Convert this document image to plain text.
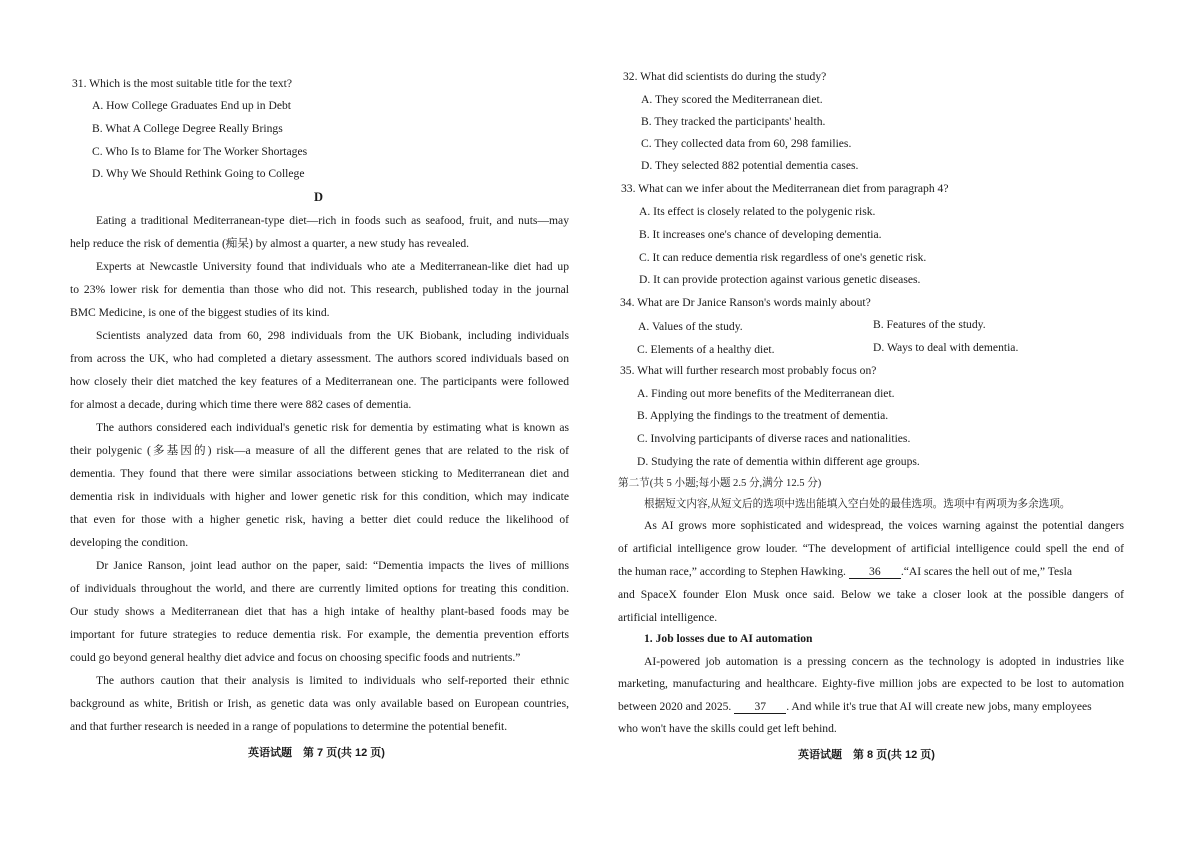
31. Which is the most suitable title for the text?
A. How College Graduates End up in Debt
B. What A College Degree Really Brings
C. Who Is to Blame for The Worker Shortages
D. Why We Should Rethink Going to College
D
Eating a traditional Mediterranean-type diet—rich in foods such as seafood, fruit, and nuts—may
help reduce the risk of dementia (痴呆) by almost a quarter, a new study has revealed.
Experts at Newcastle University found that individuals who ate a Mediterranean-like diet had up
to 23% lower risk for dementia than those who did not. This research, published today in the journal
BMC Medicine, is one of the biggest studies of its kind.
Scientists analyzed data from 60, 298 individuals from the UK Biobank, including individuals
from across the UK, who had completed a dietary assessment. The authors scored individuals based on
how closely their diet matched the key features of a Mediterranean one. The participants were followed
for almost a decade, during which time there were 882 cases of dementia.
The authors considered each individual's genetic risk for dementia by estimating what is known as
their polygenic (多基因的) risk—a measure of all the different genes that are related to the risk of
dementia. They found that there were similar associations between sticking to Mediterranean diet and
dementia risk in individuals with higher and lower genetic risk for this condition, which may indicate
that even for those with a higher genetic risk, having a better diet could reduce the likelihood of
developing the condition.
Dr Janice Ranson, joint lead author on the paper, said: “Dementia impacts the lives of millions
of individuals throughout the world, and there are currently limited options for treating this condition.
Our study shows a Mediterranean diet that has a high intake of healthy plant-based foods may be
important for future strategies to reduce dementia risk. For example, the dementia prevention efforts
could go beyond general healthy diet advice and focus on choosing specific foods and nutrients.”
The authors caution that their analysis is limited to individuals who self-reported their ethnic
background as white, British or Irish, as genetic data was only available based on European countries,
and that further research is needed in a range of populations to determine the potential benefit.
英语试题　第 7 页(共 12 页)
32. What did scientists do during the study?
A. They scored the Mediterranean diet.
B. They tracked the participants' health.
C. They collected data from 60, 298 families.
D. They selected 882 potential dementia cases.
33. What can we infer about the Mediterranean diet from paragraph 4?
A. Its effect is closely related to the polygenic risk.
B. It increases one's chance of developing dementia.
C. It can reduce dementia risk regardless of one's genetic risk.
D. It can provide protection against various genetic diseases.
34. What are Dr Janice Ranson's words mainly about?
A. Values of the study.	B. Features of the study.
C. Elements of a healthy diet.	D. Ways to deal with dementia.
35. What will further research most probably focus on?
A. Finding out more benefits of the Mediterranean diet.
B. Applying the findings to the treatment of dementia.
C. Involving participants of diverse races and nationalities.
D. Studying the rate of dementia within different age groups.
第二节(共 5 小题;每小题 2.5 分,满分 12.5 分)
根据短文内容,从短文后的选项中选出能填入空白处的最佳选项。选项中有两项为多余选项。
As AI grows more sophisticated and widespread, the voices warning against the potential dangers
of artificial intelligence grow louder. “The development of artificial intelligence could spell the end of
the human race,” according to Stephen Hawking. 36 .“AI scares the hell out of me,” Tesla
and SpaceX founder Elon Musk once said. Below we take a closer look at the possible dangers of
artificial intelligence.
1. Job losses due to AI automation
AI-powered job automation is a pressing concern as the technology is adopted in industries like
marketing, manufacturing and healthcare. Eighty-five million jobs are expected to be lost to automation
between 2020 and 2025. 37 . And while it's true that AI will create new jobs, many employees
who won't have the skills could get left behind.
英语试题　第 8 页(共 12 页)
